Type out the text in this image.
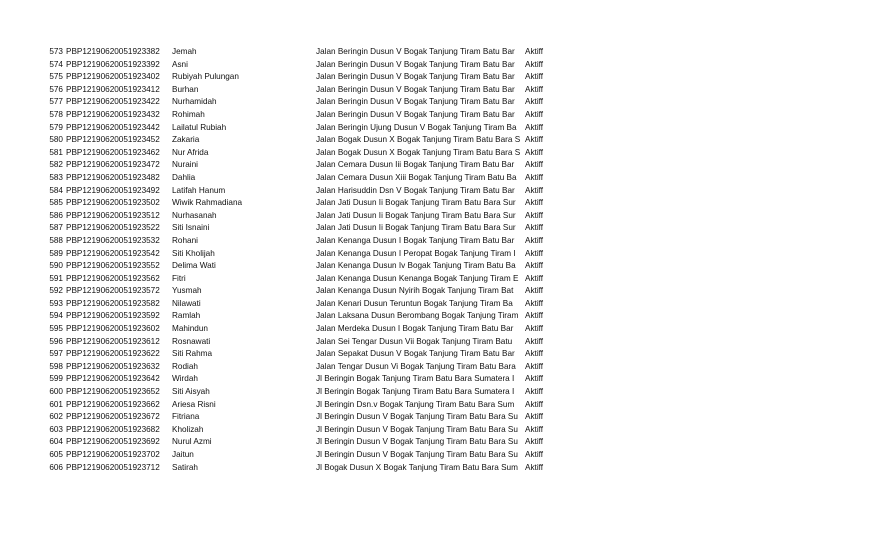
573 PBP12190620051923382	Jemah	Jalan Beringin Dusun V Bogak Tanjung Tiram Batu Bar	Aktiff
574 PBP12190620051923392	Asni	Jalan Beringin Dusun V Bogak Tanjung Tiram Batu Bar	Aktiff
575 PBP12190620051923402	Rubiyah Pulungan	Jalan Beringin Dusun V Bogak Tanjung Tiram Batu Bar	Aktiff
576 PBP12190620051923412	Burhan	Jalan Beringin Dusun V Bogak Tanjung Tiram Batu Bar	Aktiff
577 PBP12190620051923422	Nurhamidah	Jalan Beringin Dusun V Bogak Tanjung Tiram Batu Bar	Aktiff
578 PBP12190620051923432	Rohimah	Jalan Beringin Dusun V Bogak Tanjung Tiram Batu Bar	Aktiff
579 PBP12190620051923442	Lailatul Rubiah	Jalan Beringin Ujung Dusun V Bogak Tanjung Tiram Ba	Aktiff
580 PBP12190620051923452	Zakaria	Jalan Bogak Dusun X Bogak Tanjung Tiram Batu Bara S Aktiff
581 PBP12190620051923462	Nur Afrida	Jalan Bogak Dusun X Bogak Tanjung Tiram Batu Bara S Aktiff
582 PBP12190620051923472	Nuraini	Jalan Cemara Dusun Iii Bogak Tanjung Tiram Batu Bar	Aktiff
583 PBP12190620051923482	Dahlia	Jalan Cemara Dusun Xiii Bogak Tanjung Tiram Batu Ba	Aktiff
584 PBP12190620051923492	Latifah Hanum	Jalan Harisuddin Dsn V Bogak Tanjung Tiram Batu Bar	Aktiff
585 PBP12190620051923502	Wiwik Rahmadiana	Jalan Jati Dusun Ii Bogak Tanjung Tiram Batu Bara Sur	Aktiff
586 PBP12190620051923512	Nurhasanah	Jalan Jati Dusun Ii Bogak Tanjung Tiram Batu Bara Sur	Aktiff
587 PBP12190620051923522	Siti Isnaini	Jalan Jati Dusun Ii Bogak Tanjung Tiram Batu Bara Sur	Aktiff
588 PBP12190620051923532	Rohani	Jalan Kenanga Dusun I Bogak Tanjung Tiram Batu Bar	Aktiff
589 PBP12190620051923542	Siti Kholijah	Jalan Kenanga Dusun I Peropat Bogak Tanjung Tiram I	Aktiff
590 PBP12190620051923552	Delima Wati	Jalan Kenanga Dusun Iv Bogak Tanjung Tiram Batu Ba	Aktiff
591 PBP12190620051923562	Fitri	Jalan Kenanga Dusun Kenanga Bogak Tanjung Tiram E Aktiff
592 PBP12190620051923572	Yusmah	Jalan Kenanga Dusun Nyirih Bogak Tanjung Tiram Bat	Aktiff
593 PBP12190620051923582	Nilawati	Jalan Kenari Dusun Teruntun Bogak Tanjung Tiram Ba	Aktiff
594 PBP12190620051923592	Ramlah	Jalan Laksana Dusun Berombang Bogak Tanjung Tiram Aktiff
595 PBP12190620051923602	Mahindun	Jalan Merdeka Dusun I Bogak Tanjung Tiram Batu Bar	Aktiff
596 PBP12190620051923612	Rosnawati	Jalan Sei Tengar Dusun Vii Bogak Tanjung Tiram Batu	Aktiff
597 PBP12190620051923622	Siti Rahma	Jalan Sepakat Dusun V Bogak Tanjung Tiram Batu Bar	Aktiff
598 PBP12190620051923632	Rodiah	Jalan Tengar Dusun Vi Bogak Tanjung Tiram Batu Bara	Aktiff
599 PBP12190620051923642	Wirdah	Jl Beringin Bogak Tanjung Tiram Batu Bara Sumatera I	Aktiff
600 PBP12190620051923652	Siti Aisyah	Jl Beringin Bogak Tanjung Tiram Batu Bara Sumatera I	Aktiff
601 PBP12190620051923662	Ariesa Risni	Jl Beringin Dsn.v Bogak Tanjung Tiram Batu Bara Sum	Aktiff
602 PBP12190620051923672	Fitriana	Jl Beringin Dusun V Bogak Tanjung Tiram Batu Bara Su Aktiff
603 PBP12190620051923682	Kholizah	Jl Beringin Dusun V Bogak Tanjung Tiram Batu Bara Su Aktiff
604 PBP12190620051923692	Nurul Azmi	Jl Beringin Dusun V Bogak Tanjung Tiram Batu Bara Su Aktiff
605 PBP12190620051923702	Jaitun	Jl Beringin Dusun V Bogak Tanjung Tiram Batu Bara Su Aktiff
606 PBP12190620051923712	Satirah	Jl Bogak Dusun X Bogak Tanjung Tiram Batu Bara Sum Aktiff
